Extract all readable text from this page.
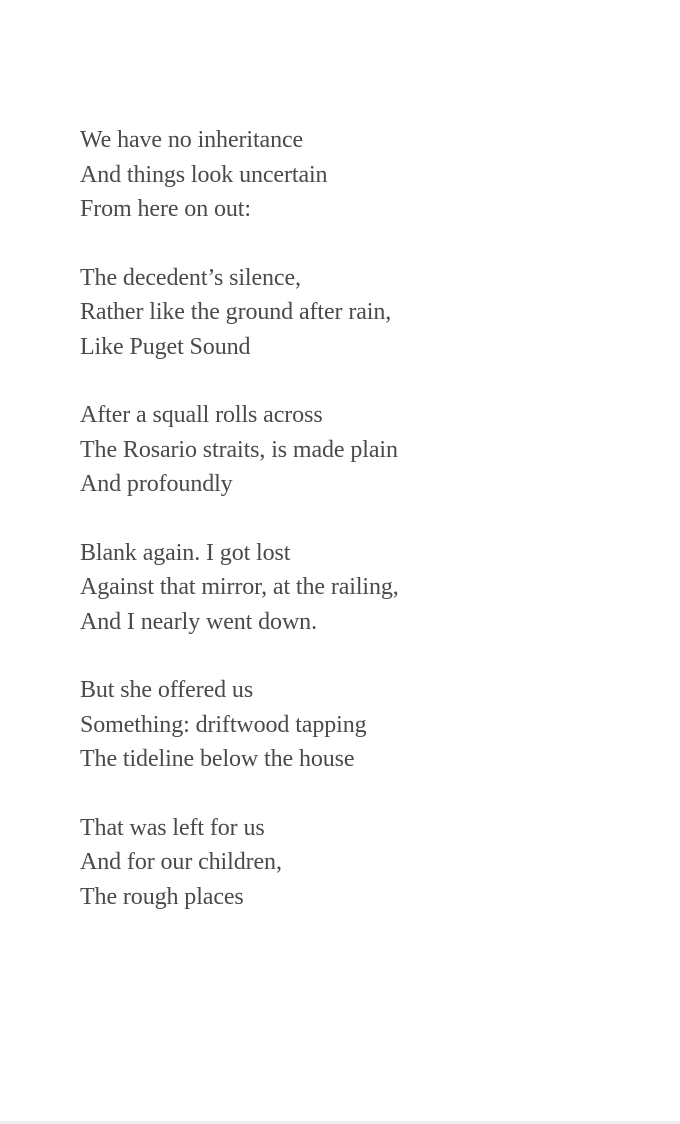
We have no inheritance
And things look uncertain
From here on out:
The decedent’s silence,
Rather like the ground after rain,
Like Puget Sound
After a squall rolls across
The Rosario straits, is made plain
And profoundly
Blank again. I got lost
Against that mirror, at the railing,
And I nearly went down.
But she offered us
Something: driftwood tapping
The tideline below the house
That was left for us
And for our children,
The rough places
